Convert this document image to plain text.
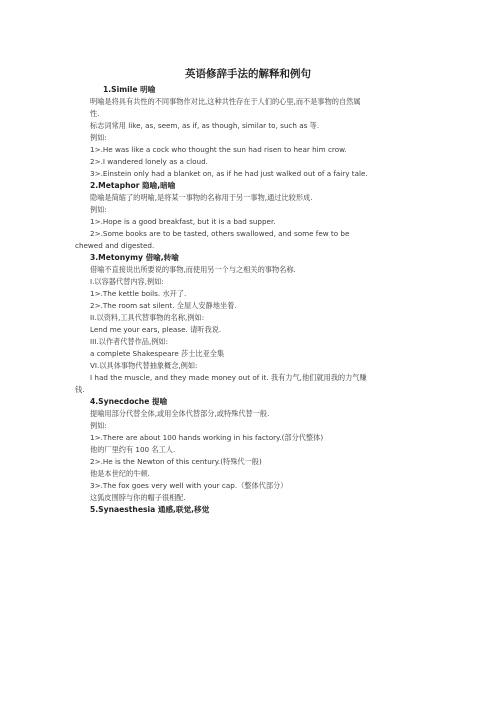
英语修辞手法的解释和例句
1.Simile 明喻
明喻是将具有共性的不同事物作对比,这种共性存在于人们的心里,而不是事物的自然属
性.
标志词常用 like, as, seem, as if, as though, similar to, such as 等.
例如:
1>.He was like a cock who thought the sun had risen to hear him crow.
2>.I wandered lonely as a cloud.
3>.Einstein only had a blanket on, as if he had just walked out of a fairy tale.
2.Metaphor 隐喻,暗喻
隐喻是简缩了的明喻,是将某一事物的名称用于另一事物,通过比较形成.
例如:
1>.Hope is a good breakfast, but it is a bad supper.
2>.Some books are to be tasted, others swallowed, and some few to be
chewed and digested.
3.Metonymy 借喻,转喻
借喻不直接说出所要说的事物,而使用另一个与之相关的事物名称.
I.以容器代替内容,例如:
1>.The kettle boils. 水开了.
2>.The room sat silent. 全屋人安静地坐着.
II.以资料,工具代替事物的名称,例如:
Lend me your ears, please. 请听我说.
III.以作者代替作品,例如:
a complete Shakespeare 莎士比亚全集
VI.以具体事物代替抽象概念,例如:
I had the muscle, and they made money out of it. 我有力气,他们就用我的力气赚
钱.
4.Synecdoche 提喻
提喻用部分代替全体,或用全体代替部分,或特殊代替一般.
例如:
1>.There are about 100 hands working in his factory.(部分代整体)
他的厂里约有 100 名工人.
2>.He is the Newton of this century.(特殊代一般)
他是本世纪的牛顿.
3>.The fox goes very well with your cap.（整体代部分）
这狐皮围脖与你的帽子很相配.
5.Synaesthesia 通感,联觉,移觉
